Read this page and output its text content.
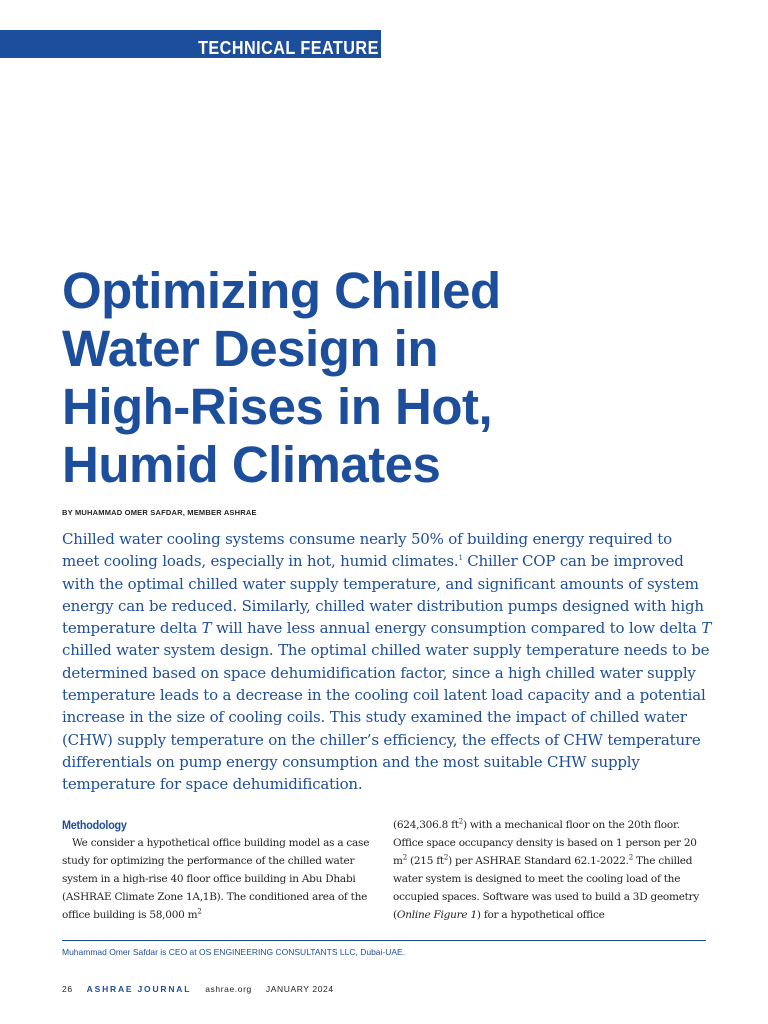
TECHNICAL FEATURE
Optimizing Chilled
Water Design in
High-Rises in Hot,
Humid Climates
BY MUHAMMAD OMER SAFDAR, MEMBER ASHRAE

Chilled water cooling systems consume nearly 50% of building energy required to meet cooling loads, especially in hot, humid climates.$^1$ Chiller COP can be improved with the optimal chilled water supply temperature, and significant amounts of system energy can be reduced. Similarly, chilled water distribution pumps designed with high temperature delta T will have less annual energy consumption compared to low delta T chilled water system design. The optimal chilled water supply temperature needs to be determined based on space dehumidification factor, since a high chilled water supply temperature leads to a decrease in the cooling coil latent load capacity and a potential increase in the size of cooling coils. This study examined the impact of chilled water (CHW) supply temperature on the chiller’s efficiency, the effects of CHW temperature differentials on pump energy consumption and the most suitable CHW supply temperature for space dehumidification.

Methodology

We consider a hypothetical office building model as a case study for optimizing the performance of the chilled water system in a high-rise 40 floor office building in Abu Dhabi (ASHRAE Climate Zone 1A,1B). The conditioned area of the office building is 58,000 $m^2$

(624,306.8 $ft^2$) with a mechanical floor on the 20th floor. Office space occupancy density is based on 1 person per 20 $m^2$ (215 $ft^2$) per ASHRAE Standard 62.1-2022.$^2$ The chilled water system is designed to meet the cooling load of the occupied spaces. Software was used to build a 3D geometry (Online Figure 1) for a hypothetical office

Muhammad Omer Safdar is CEO at OS ENGINEERING CONSULTANTS LLC, Dubai-UAE.
26 ASHRAE JOURNAL ashrae.org JANUARY 2024
